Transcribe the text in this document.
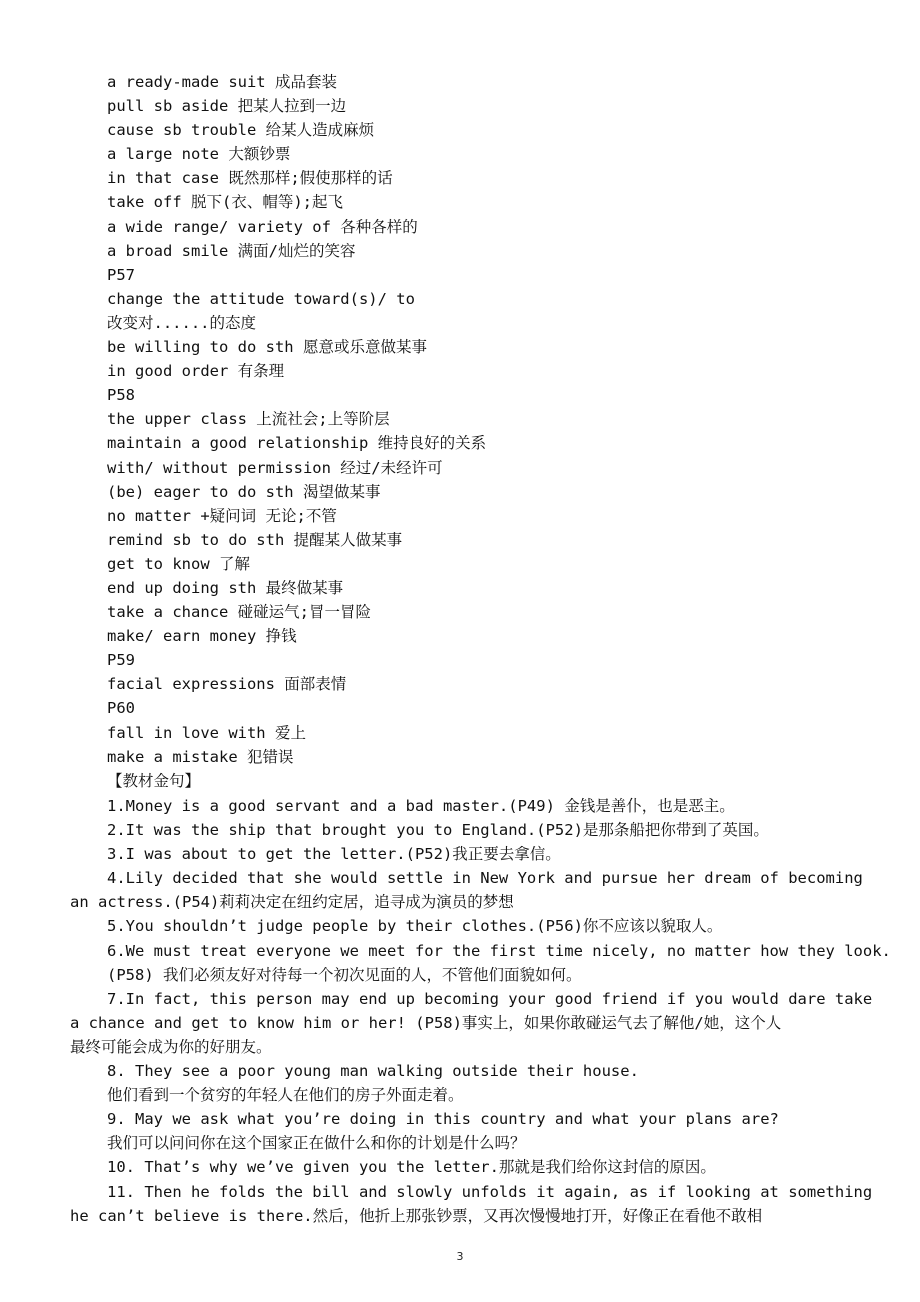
a ready-made suit 成品套装
pull sb aside 把某人拉到一边
cause sb trouble 给某人造成麻烦
a large note 大额钞票
in that case 既然那样;假使那样的话
take off 脱下(衣、帽等);起飞
a wide range/ variety of 各种各样的
a broad smile 满面/灿烂的笑容
P57
change the attitude toward(s)/ to
改变对......的态度
be willing to do sth 愿意或乐意做某事
in good order 有条理
P58
the upper class 上流社会;上等阶层
maintain a good relationship 维持良好的关系
with/ without permission 经过/未经许可
(be) eager to do sth 渴望做某事
no matter +疑问词 无论;不管
remind sb to do sth 提醒某人做某事
get to know 了解
end up doing sth 最终做某事
take a chance 碰碰运气;冒一冒险
make/ earn money 挣钱
P59
facial expressions 面部表情
P60
fall in love with 爱上
make a mistake 犯错误
【教材金句】
1.Money is a good servant and a bad master.(P49) 金钱是善仆，也是恶主。
2.It was the ship that brought you to England.(P52)是那条船把你带到了英国。
3.I was about to get the letter.(P52)我正要去拿信。
4.Lily decided that she would settle in New York and pursue her dream of becoming
an actress.(P54)莉莉决定在纽约定居，追寻成为演员的梦想
5.You shouldn’t judge people by their clothes.(P56)你不应该以貌取人。
6.We must treat everyone we meet for the first time nicely, no matter how they look.
(P58) 我们必须友好对待每一个初次见面的人，不管他们面貌如何。
7.In fact, this person may end up becoming your good friend if you would dare take
a chance and get to know him or her! (P58)事实上，如果你敢碰运气去了解他/她，这个人
最终可能会成为你的好朋友。
8. They see a poor young man walking outside their house.
他们看到一个贫穷的年轻人在他们的房子外面走着。
9. May we ask what you’re doing in this country and what your plans are?
我们可以问问你在这个国家正在做什么和你的计划是什么吗？
10. That’s why we’ve given you the letter.那就是我们给你这封信的原因。
11. Then he folds the bill and slowly unfolds it again, as if looking at something
he can’t believe is there.然后，他折上那张钞票，又再次慢慢地打开，好像正在看他不敢相
3
